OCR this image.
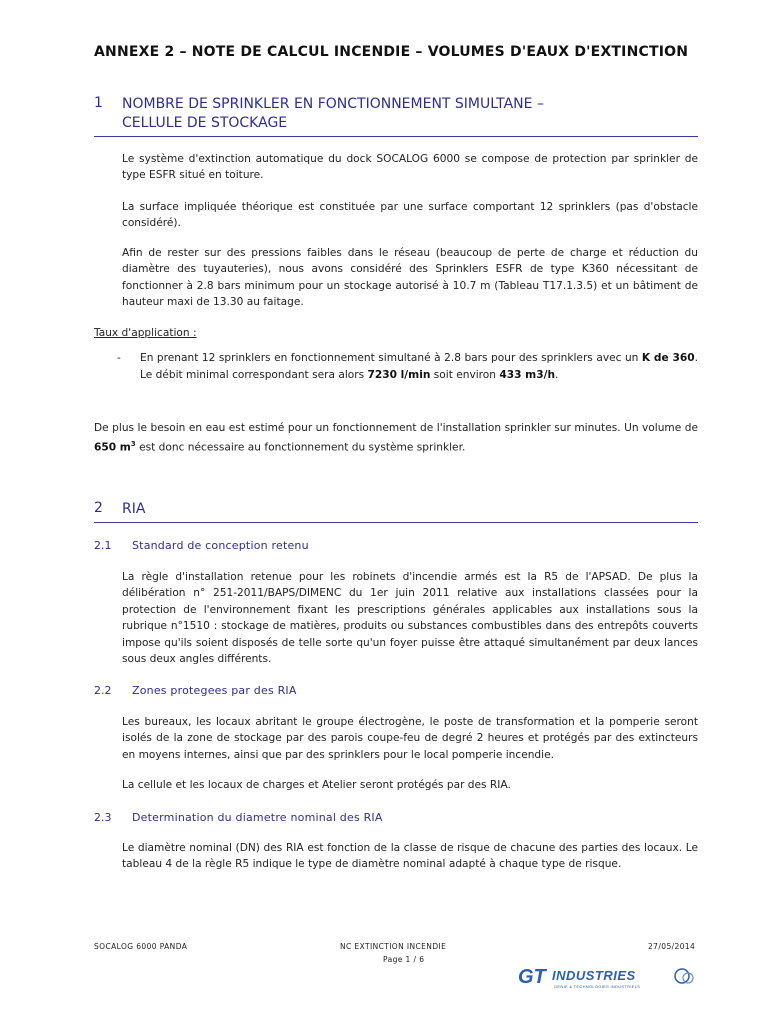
ANNEXE 2 – NOTE DE CALCUL INCENDIE – VOLUMES D'EAUX D'EXTINCTION
1 NOMBRE DE SPRINKLER EN FONCTIONNEMENT SIMULTANE –
CELLULE DE STOCKAGE
Le système d'extinction automatique du dock SOCALOG 6000 se compose de protection par sprinkler de type ESFR situé en toiture.
La surface impliquée théorique est constituée par une surface comportant 12 sprinklers (pas d'obstacle considéré).
Afin de rester sur des pressions faibles dans le réseau (beaucoup de perte de charge et réduction du diamètre des tuyauteries), nous avons considéré des Sprinklers ESFR de type K360 nécessitant de fonctionner à 2.8 bars minimum pour un stockage autorisé à 10.7 m (Tableau T17.1.3.5) et un bâtiment de hauteur maxi de 13.30 au faitage.
Taux d'application :
- En prenant 12 sprinklers en fonctionnement simultané à 2.8 bars pour des sprinklers avec un K de 360. Le débit minimal correspondant sera alors 7230 l/min soit environ 433 m3/h.
De plus le besoin en eau est estimé pour un fonctionnement de l'installation sprinkler sur minutes. Un volume de 650 $m^3$ est donc nécessaire au fonctionnement du système sprinkler.
2 RIA
2.1 Standard de conception retenu
La règle d'installation retenue pour les robinets d'incendie armés est la R5 de l'APSAD. De plus la délibération n° 251-2011/BAPS/DIMENC du 1er juin 2011 relative aux installations classées pour la protection de l'environnement fixant les prescriptions générales applicables aux installations sous la rubrique n°1510 : stockage de matières, produits ou substances combustibles dans des entrepôts couverts impose qu'ils soient disposés de telle sorte qu'un foyer puisse être attaqué simultanément par deux lances sous deux angles différents.
2.2 Zones protegees par des RIA
Les bureaux, les locaux abritant le groupe électrogène, le poste de transformation et la pomperie seront isolés de la zone de stockage par des parois coupe-feu de degré 2 heures et protégés par des extincteurs en moyens internes, ainsi que par des sprinklers pour le local pomperie incendie.
La cellule et les locaux de charges et Atelier seront protégés par des RIA.
2.3 Determination du diametre nominal des RIA
Le diamètre nominal (DN) des RIA est fonction de la classe de risque de chacune des parties des locaux. Le tableau 4 de la règle R5 indique le type de diamètre nominal adapté à chaque type de risque.
SOCALOG 6000 PANDA	NC EXTINCTION INCENDIE	27/05/2014
Page 1 / 6
GT INDUSTRIES
GENIE & TECHNOLOGIES INDUSTRIELS
